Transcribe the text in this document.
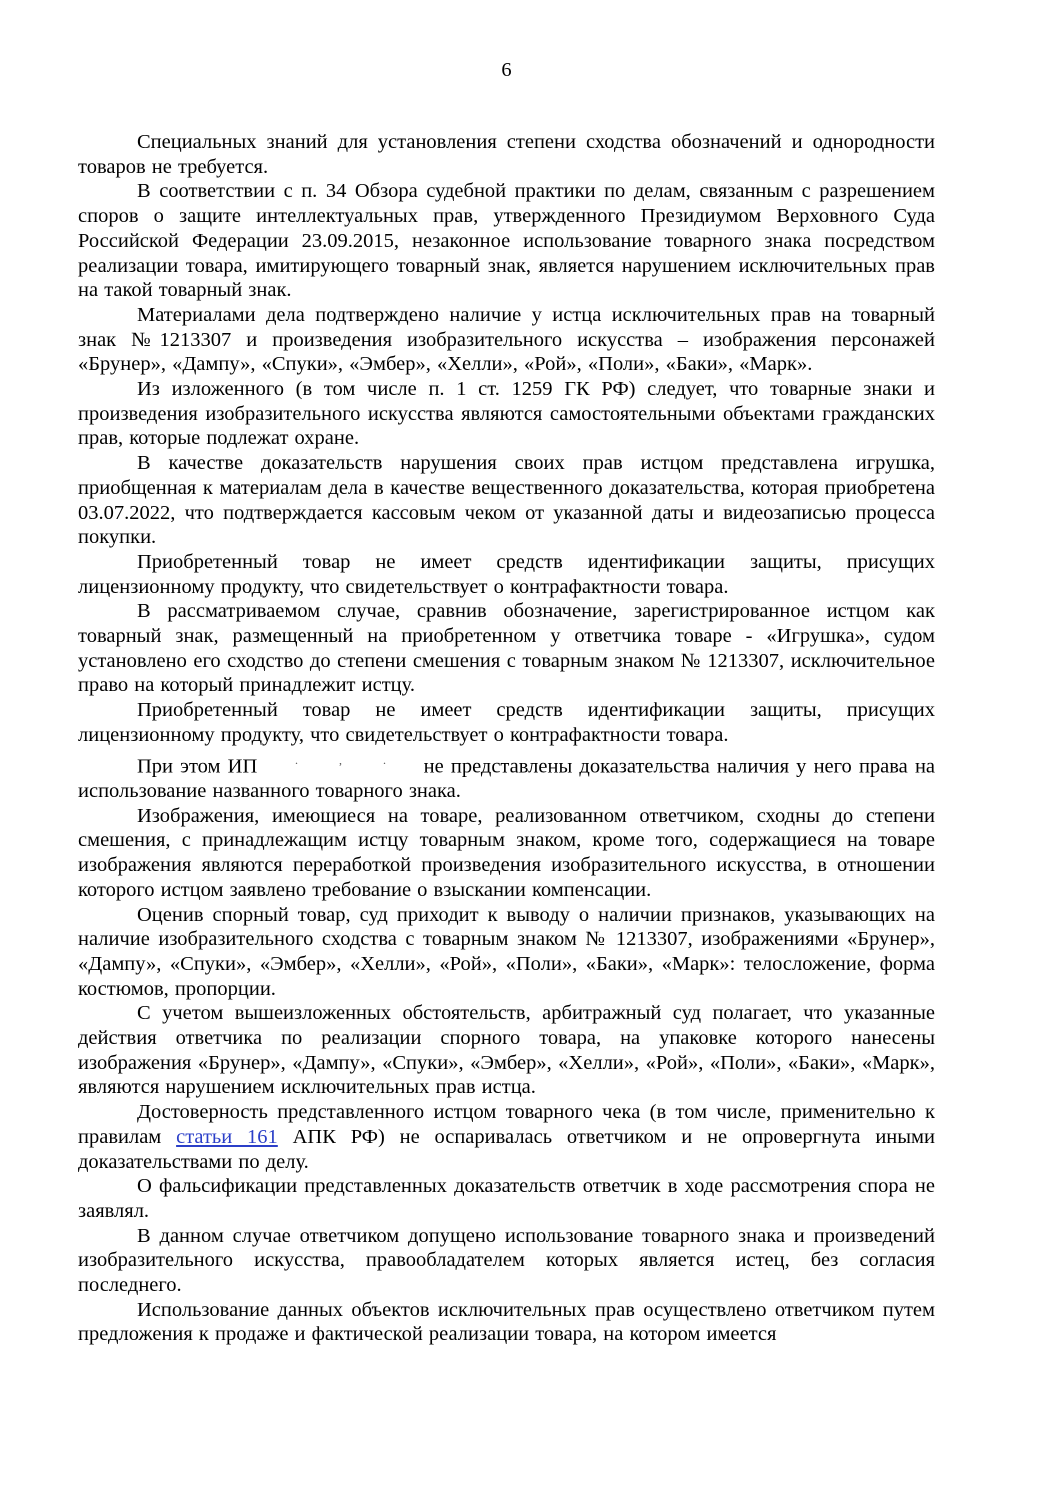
6

Специальных знаний для установления степени сходства обозначений и однородности товаров не требуется.

В соответствии с п. 34 Обзора судебной практики по делам, связанным с разрешением споров о защите интеллектуальных прав, утвержденного Президиумом Верховного Суда Российской Федерации 23.09.2015, незаконное использование товарного знака посредством реализации товара, имитирующего товарный знак, является нарушением исключительных прав на такой товарный знак.

Материалами дела подтверждено наличие у истца исключительных прав на товарный знак №1213307 и произведения изобразительного искусства – изображения персонажей «Брунер», «Дампу», «Спуки», «Эмбер», «Хелли», «Рой», «Поли», «Баки», «Марк».

Из изложенного (в том числе п. 1 ст. 1259 ГК РФ) следует, что товарные знаки и произведения изобразительного искусства являются самостоятельными объектами гражданских прав, которые подлежат охране.

В качестве доказательств нарушения своих прав истцом представлена игрушка, приобщенная к материалам дела в качестве вещественного доказательства, которая приобретена 03.07.2022, что подтверждается кассовым чеком от указанной даты и видеозаписью процесса покупки.

Приобретенный товар не имеет средств идентификации защиты, присущих лицензионному продукту, что свидетельствует о контрафактности товара.

В рассматриваемом случае, сравнив обозначение, зарегистрированное истцом как товарный знак, размещенный на приобретенном у ответчика товаре - «Игрушка», судом установлено его сходство до степени смешения с товарным знаком № 1213307, исключительное право на который принадлежит истцу.

Приобретенный товар не имеет средств идентификации защиты, присущих лицензионному продукту, что свидетельствует о контрафактности товара.

При этом ИП	. , . не представлены доказательства наличия у него права на использование названного товарного знака.

Изображения, имеющиеся на товаре, реализованном ответчиком, сходны до степени смешения, с принадлежащим истцу товарным знаком, кроме того, содержащиеся на товаре изображения являются переработкой произведения изобразительного искусства, в отношении которого истцом заявлено требование о взыскании компенсации.

Оценив спорный товар, суд приходит к выводу о наличии признаков, указывающих на наличие изобразительного сходства с товарным знаком № 1213307, изображениями «Брунер», «Дампу», «Спуки», «Эмбер», «Хелли», «Рой», «Поли», «Баки», «Марк»: телосложение, форма костюмов, пропорции.

С учетом вышеизложенных обстоятельств, арбитражный суд полагает, что указанные действия ответчика по реализации спорного товара, на упаковке которого нанесены изображения «Брунер», «Дампу», «Спуки», «Эмбер», «Хелли», «Рой», «Поли», «Баки», «Марк», являются нарушением исключительных прав истца.

Достоверность представленного истцом товарного чека (в том числе, применительно к правилам статьи 161 АПК РФ) не оспаривалась ответчиком и не опровергнута иными доказательствами по делу.

О фальсификации представленных доказательств ответчик в ходе рассмотрения спора не заявлял.

В данном случае ответчиком допущено использование товарного знака и произведений изобразительного искусства, правообладателем которых является истец, без согласия последнего.

Использование данных объектов исключительных прав осуществлено ответчиком путем предложения к продаже и фактической реализации товара, на котором имеется
